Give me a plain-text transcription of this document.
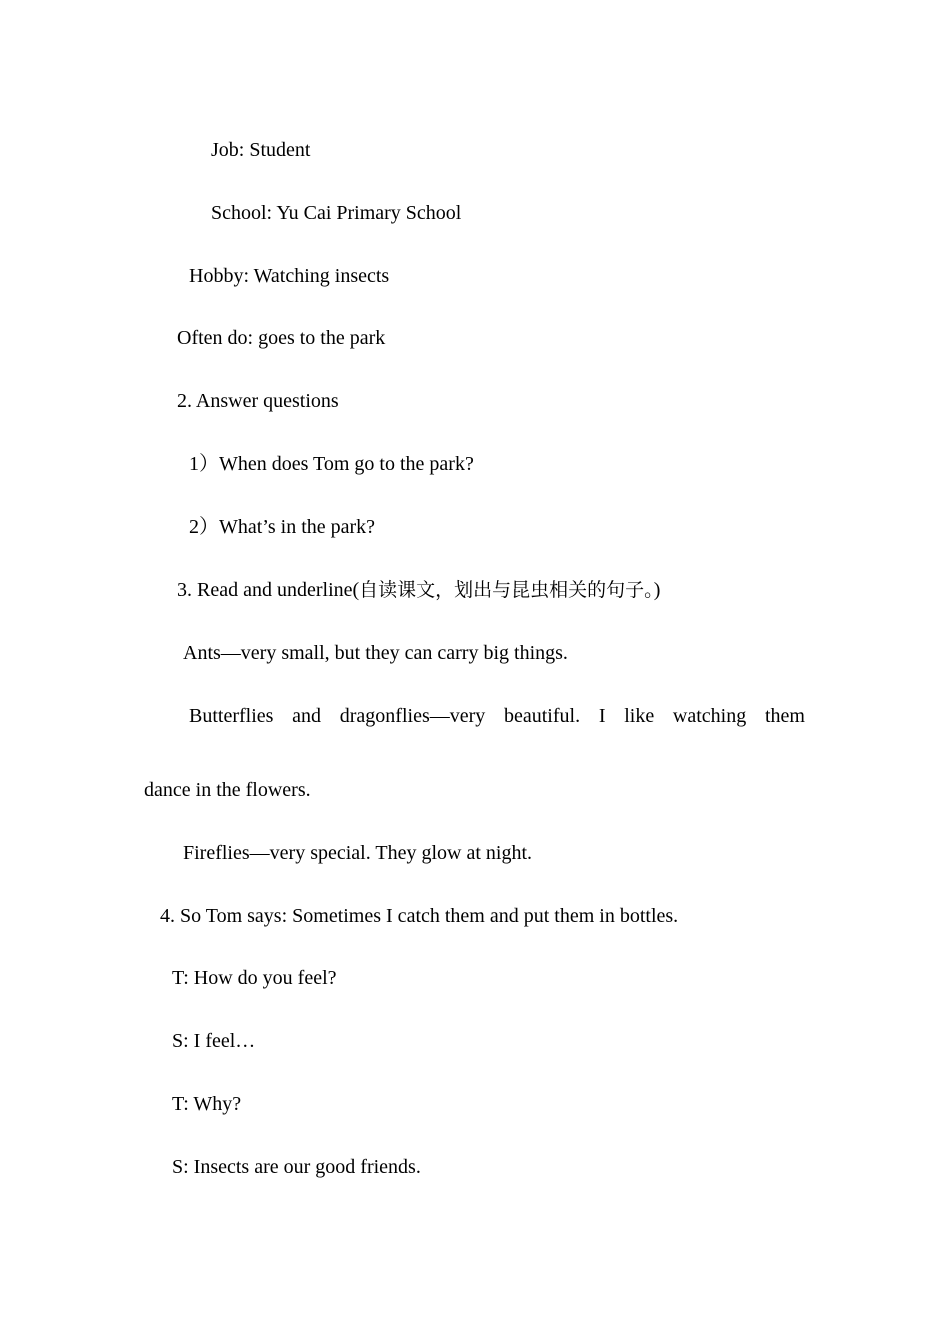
Job: Student
School: Yu Cai Primary School
Hobby: Watching insects
Often do: goes to the park
2. Answer questions
1）When does Tom go to the park?
2）What’s in the park?
3. Read and underline(自读课文，划出与昆虫相关的句子。)
Ants—very small, but they can carry big things.
Butterflies and dragonflies—very beautiful. I like watching them
dance in the flowers.
Fireflies—very special. They glow at night.
4. So Tom says: Sometimes I catch them and put them in bottles.
T: How do you feel?
S: I feel…
T: Why?
S: Insects are our good friends.
